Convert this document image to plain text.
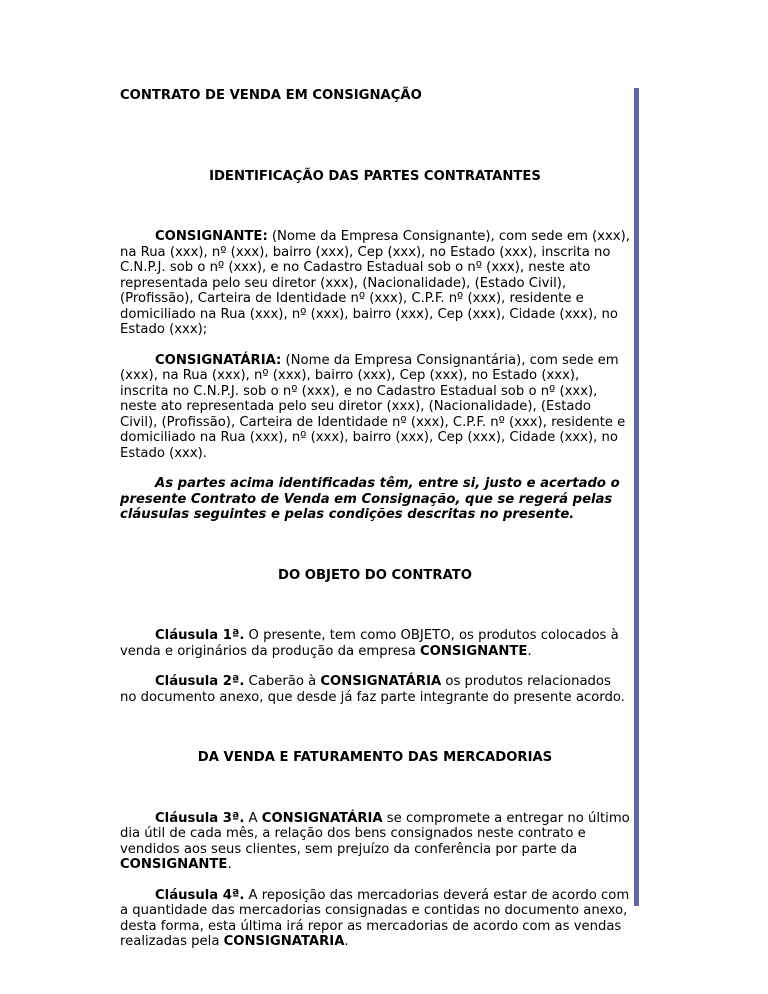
CONTRATO DE VENDA EM CONSIGNAÇÃO

IDENTIFICAÇÃO DAS PARTES CONTRATANTES

CONSIGNANTE: (Nome da Empresa Consignante), com sede em (xxx), na Rua (xxx), nº (xxx), bairro (xxx), Cep (xxx), no Estado (xxx), inscrita no C.N.P.J. sob o nº (xxx), e no Cadastro Estadual sob o nº (xxx), neste ato representada pelo seu diretor (xxx), (Nacionalidade), (Estado Civil), (Profissão), Carteira de Identidade nº (xxx), C.P.F. nº (xxx), residente e domiciliado na Rua (xxx), nº (xxx), bairro (xxx), Cep (xxx), Cidade (xxx), no Estado (xxx);

CONSIGNATÁRIA: (Nome da Empresa Consignantária), com sede em (xxx), na Rua (xxx), nº (xxx), bairro (xxx), Cep (xxx), no Estado (xxx), inscrita no C.N.P.J. sob o nº (xxx), e no Cadastro Estadual sob o nº (xxx), neste ato representada pelo seu diretor (xxx), (Nacionalidade), (Estado Civil), (Profissão), Carteira de Identidade nº (xxx), C.P.F. nº (xxx), residente e domiciliado na Rua (xxx), nº (xxx), bairro (xxx), Cep (xxx), Cidade (xxx), no Estado (xxx).

As partes acima identificadas têm, entre si, justo e acertado o presente Contrato de Venda em Consignação, que se regerá pelas cláusulas seguintes e pelas condições descritas no presente.

DO OBJETO DO CONTRATO

Cláusula 1ª. O presente, tem como OBJETO, os produtos colocados à venda e originários da produção da empresa CONSIGNANTE.

Cláusula 2ª. Caberão à CONSIGNATÁRIA os produtos relacionados no documento anexo, que desde já faz parte integrante do presente acordo.

DA VENDA E FATURAMENTO DAS MERCADORIAS

Cláusula 3ª. A CONSIGNATÁRIA se compromete a entregar no último dia útil de cada mês, a relação dos bens consignados neste contrato e vendidos aos seus clientes, sem prejuízo da conferência por parte da CONSIGNANTE.

Cláusula 4ª. A reposição das mercadorias deverá estar de acordo com a quantidade das mercadorias consignadas e contidas no documento anexo, desta forma, esta última irá repor as mercadorias de acordo com as vendas realizadas pela CONSIGNATARIA.
